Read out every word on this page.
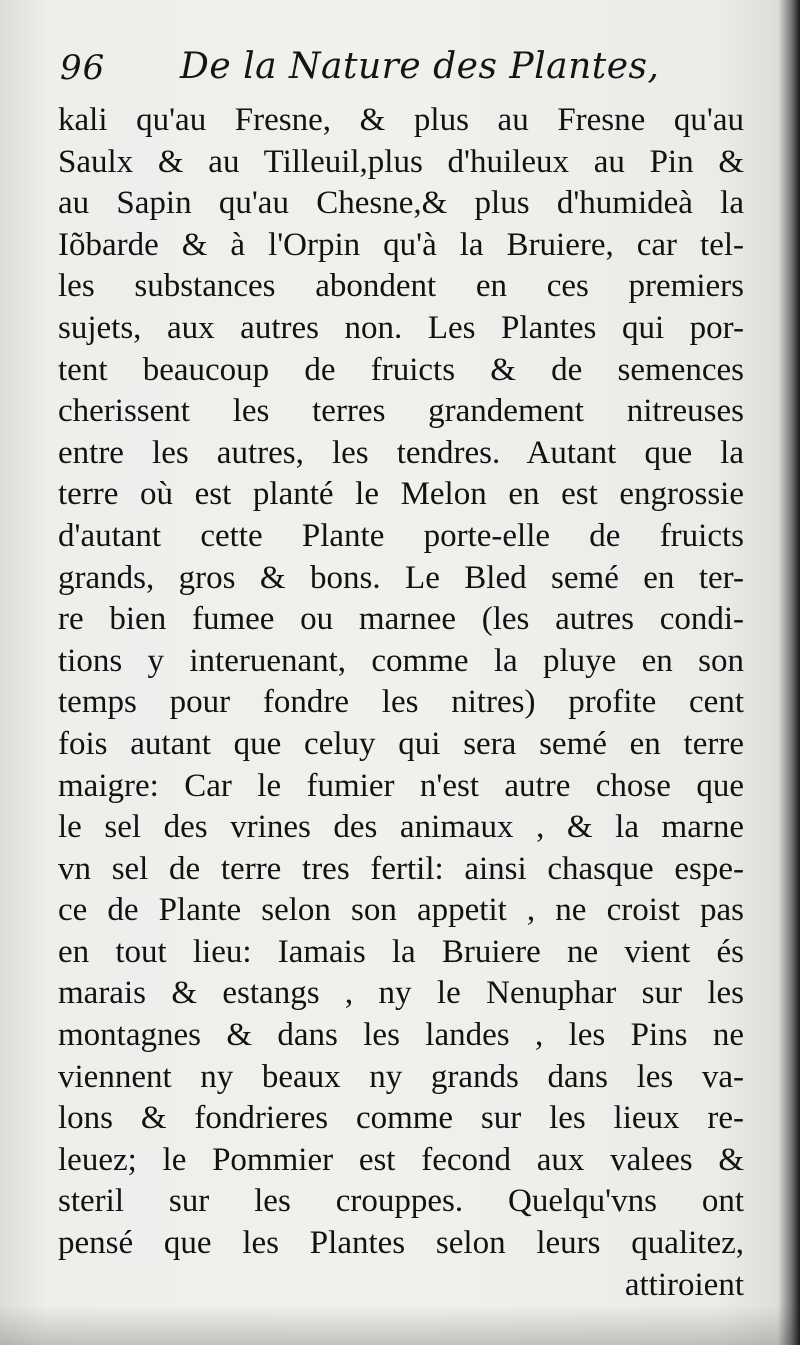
96 De la Nature des Plantes,
kali qu'au Fresne, & plus au Fresne qu'au
Saulx & au Tilleuil,plus d'huileux au Pin &
au Sapin qu'au Chesne,& plus d'humideà la
Iõbarde & à l'Orpin qu'à la Bruiere, car tel-
les substances abondent en ces premiers
sujets, aux autres non. Les Plantes qui por-
tent beaucoup de fruicts & de semences
cherissent les terres grandement nitreuses
entre les autres, les tendres. Autant que la
terre où est planté le Melon en est engrossie
d'autant cette Plante porte-elle de fruicts
grands, gros & bons. Le Bled semé en ter-
re bien fumee ou marnee (les autres condi-
tions y interuenant, comme la pluye en son
temps pour fondre les nitres) profite cent
fois autant que celuy qui sera semé en terre
maigre: Car le fumier n'est autre chose que
le sel des vrines des animaux , & la marne
vn sel de terre tres fertil: ainsi chasque espe-
ce de Plante selon son appetit , ne croist pas
en tout lieu: Iamais la Bruiere ne vient és
marais & estangs , ny le Nenuphar sur les
montagnes & dans les landes , les Pins ne
viennent ny beaux ny grands dans les va-
lons & fondrieres comme sur les lieux re-
leuez; le Pommier est fecond aux valees &
steril sur les crouppes. Quelqu'vns ont
pensé que les Plantes selon leurs qualitez,
attiroient
